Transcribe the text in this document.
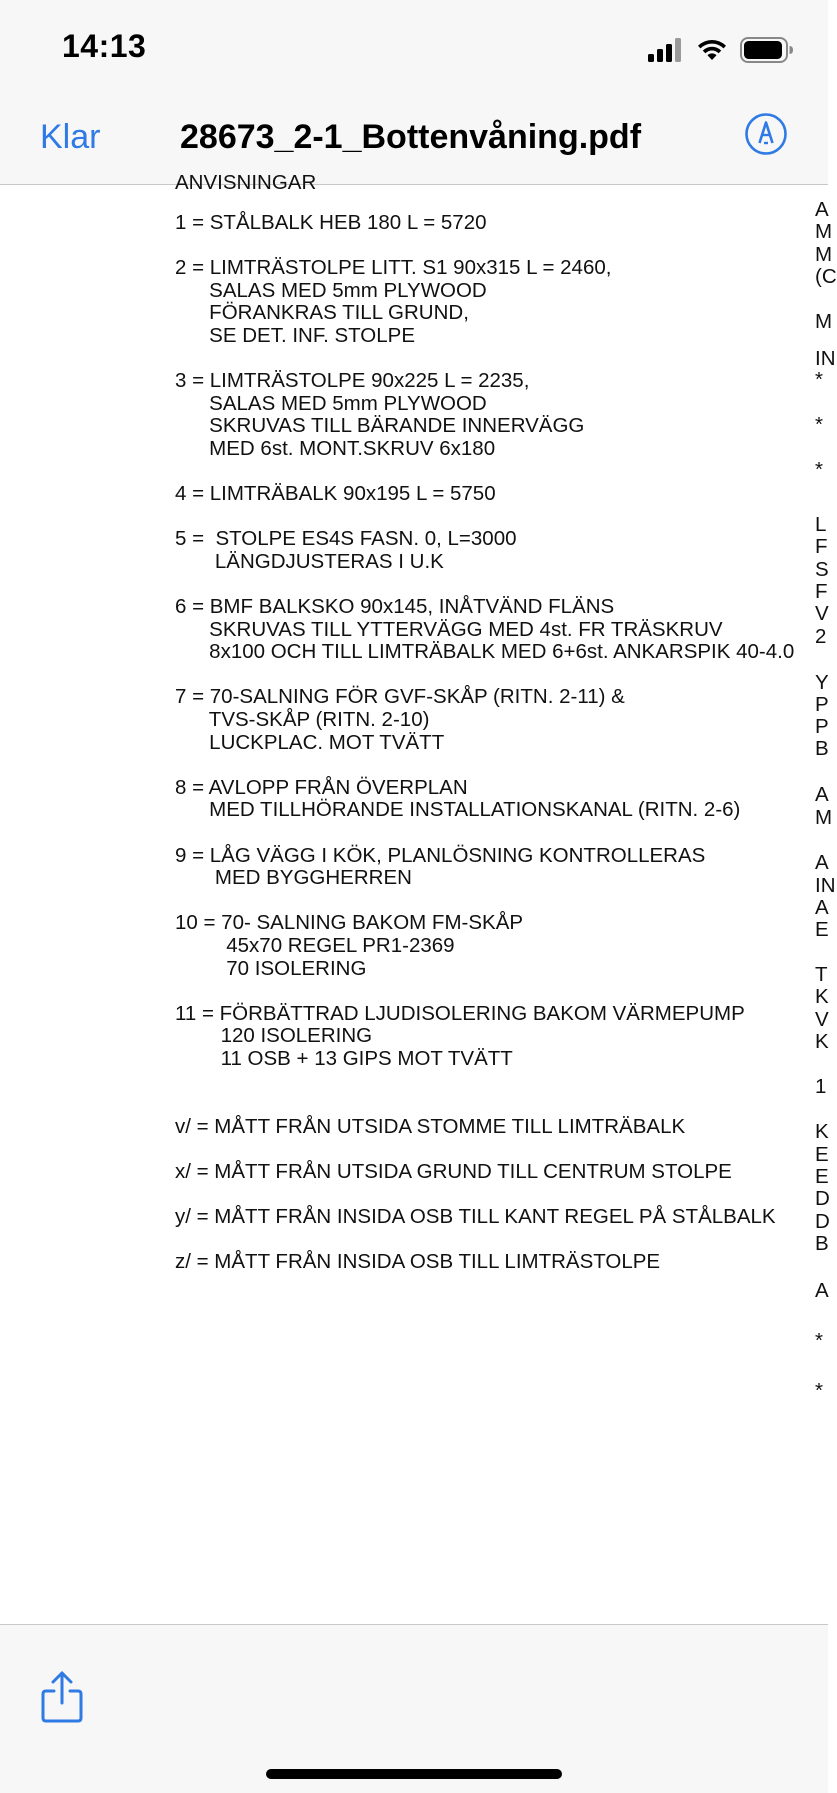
14:13
Klar 28673_2-1_Bottenvåning.pdf
ANVISNINGAR
1 = STÅLBALK HEB 180 L = 5720
2 = LIMTRÄSTOLPE LITT. S1 90x315 L = 2460,
SALAS MED 5mm PLYWOOD
FÖRANKRAS TILL GRUND,
SE DET. INF. STOLPE
3 = LIMTRÄSTOLPE 90x225 L = 2235,
SALAS MED 5mm PLYWOOD
SKRUVAS TILL BÄRANDE INNERVÄGG
MED 6st. MONT.SKRUV 6x180
4 = LIMTRÄBALK 90x195 L = 5750
5 =  STOLPE ES4S FASN. 0, L=3000
LÄNGDJUSTERAS I U.K
6 = BMF BALKSKO 90x145, INÅTVÄND FLÄNS
SKRUVAS TILL YTTERVÄGG MED 4st. FR TRÄSKRUV
8x100 OCH TILL LIMTRÄBALK MED 6+6st. ANKARSPIK 40-4.0
7 = 70-SALNING FÖR GVF-SKÅP (RITN. 2-11) &
TVS-SKÅP (RITN. 2-10)
LUCKPLAC. MOT TVÄTT
8 = AVLOPP FRÅN ÖVERPLAN
MED TILLHÖRANDE INSTALLATIONSKANAL (RITN. 2-6)
9 = LÅG VÄGG I KÖK, PLANLÖSNING KONTROLLERAS
MED BYGGHERREN
10 = 70- SALNING BAKOM FM-SKÅP
45x70 REGEL PR1-2369
70 ISOLERING
11 = FÖRBÄTTRAD LJUDISOLERING BAKOM VÄRMEPUMP
120 ISOLERING
11 OSB + 13 GIPS MOT TVÄTT
v/ = MÅTT FRÅN UTSIDA STOMME TILL LIMTRÄBALK
x/ = MÅTT FRÅN UTSIDA GRUND TILL CENTRUM STOLPE
y/ = MÅTT FRÅN INSIDA OSB TILL KANT REGEL PÅ STÅLBALK
z/ = MÅTT FRÅN INSIDA OSB TILL LIMTRÄSTOLPE
A
M
M
(C
M
IN
*
*
*
L
F
S
F
V
2
Y
P
P
B
A
M
A
IN
A
E
T
K
V
K
1
K
E
E
D
D
B
A
*
*
